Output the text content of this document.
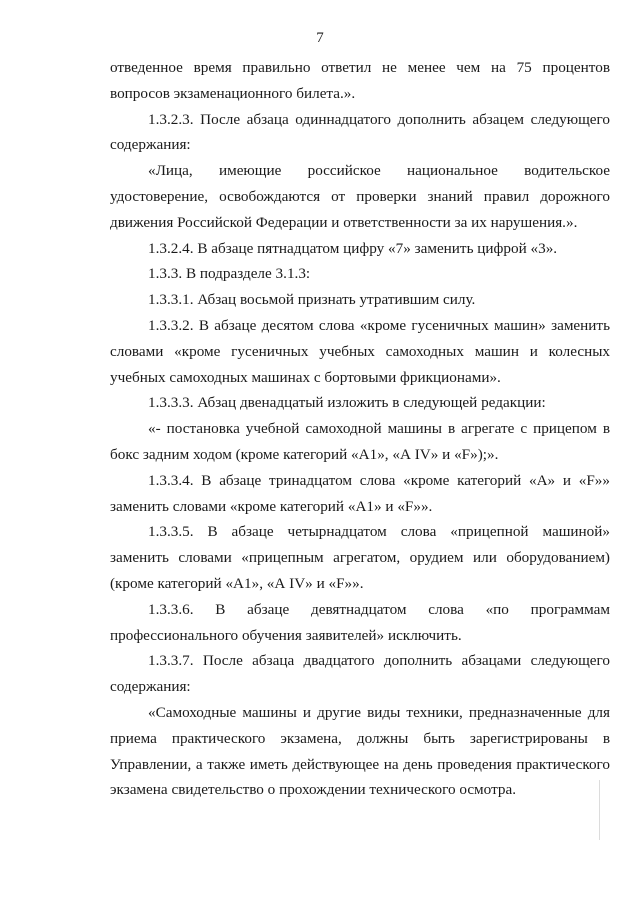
7

отведенное время правильно ответил не менее чем на 75 процентов вопросов экзаменационного билета.».

1.3.2.3. После абзаца одиннадцатого дополнить абзацем следующего содержания:

«Лица, имеющие российское национальное водительское удостоверение, освобождаются от проверки знаний правил дорожного движения Российской Федерации и ответственности за их нарушения.».

1.3.2.4. В абзаце пятнадцатом цифру «7» заменить цифрой «3».

1.3.3. В подразделе 3.1.3:

1.3.3.1. Абзац восьмой признать утратившим силу.

1.3.3.2. В абзаце десятом слова «кроме гусеничных машин» заменить словами «кроме гусеничных учебных самоходных машин и колесных учебных самоходных машинах с бортовыми фрикционами».

1.3.3.3. Абзац двенадцатый изложить в следующей редакции:

«- постановка учебной самоходной машины в агрегате с прицепом в бокс задним ходом (кроме категорий «А1», «А IV» и «F»);».

1.3.3.4. В абзаце тринадцатом слова «кроме категорий «А» и «F»» заменить словами «кроме категорий «А1» и «F»».

1.3.3.5. В абзаце четырнадцатом слова «прицепной машиной» заменить словами «прицепным агрегатом, орудием или оборудованием) (кроме категорий «А1», «А IV» и «F»».

1.3.3.6. В абзаце девятнадцатом слова «по программам профессионального обучения заявителей» исключить.

1.3.3.7. После абзаца двадцатого дополнить абзацами следующего содержания:

«Самоходные машины и другие виды техники, предназначенные для приема практического экзамена, должны быть зарегистрированы в Управлении, а также иметь действующее на день проведения практического экзамена свидетельство о прохождении технического осмотра.
